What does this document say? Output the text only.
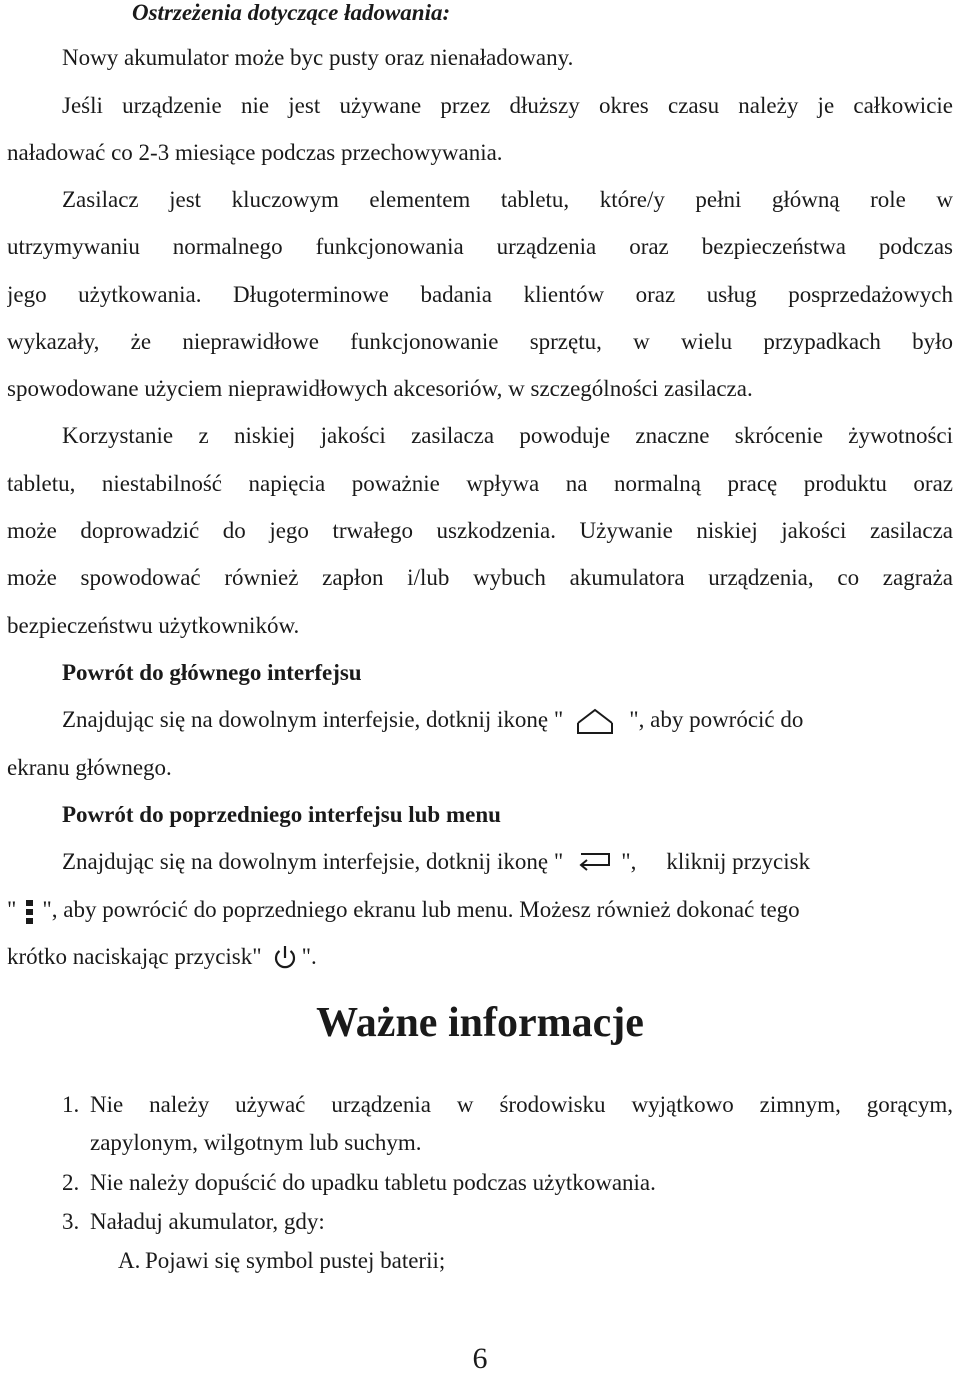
Ostrzeżenia dotyczące ładowania:
Nowy akumulator może byc pusty oraz nienaładowany.
Jeśli urządzenie nie jest używane przez dłuższy okres czasu należy je całkowicie
naładować co 2-3 miesiące podczas przechowywania.
Zasilacz jest kluczowym elementem tabletu, które/y pełni główną role w
utrzymywaniu normalnego funkcjonowania urządzenia oraz bezpieczeństwa podczas
jego użytkowania. Długoterminowe badania klientów oraz usług posprzedażowych
wykazały, że nieprawidłowe funkcjonowanie sprzętu, w wielu przypadkach było
spowodowane użyciem nieprawidłowych akcesoriów, w szczególności zasilacza.
Korzystanie z niskiej jakości zasilacza powoduje znaczne skrócenie żywotności
tabletu, niestabilność napięcia poważnie wpływa na normalną pracę produktu oraz
może doprowadzić do jego trwałego uszkodzenia. Używanie niskiej jakości zasilacza
może spowodować również zapłon i/lub wybuch akumulatora urządzenia, co zagraża
bezpieczeństwu użytkowników.
Powrót do głównego interfejsu
Znajdując się na dowolnym interfejsie, dotknij ikonę "	", aby powrócić do
ekranu głównego.
Powrót do poprzedniego interfejsu lub menu
Znajdując się na dowolnym interfejsie, dotknij ikonę "	", kliknij przycisk
" ", aby powrócić do poprzedniego ekranu lub menu. Możesz również dokonać tego
krótko naciskając przycisk" ".
Ważne informacje
1. Nie należy używać urządzenia w środowisku wyjątkowo zimnym, gorącym,
zapylonym, wilgotnym lub suchym.
2. Nie należy dopuścić do upadku tabletu podczas użytkowania.
3. Naładuj akumulator, gdy:
A. Pojawi się symbol pustej baterii;
6
